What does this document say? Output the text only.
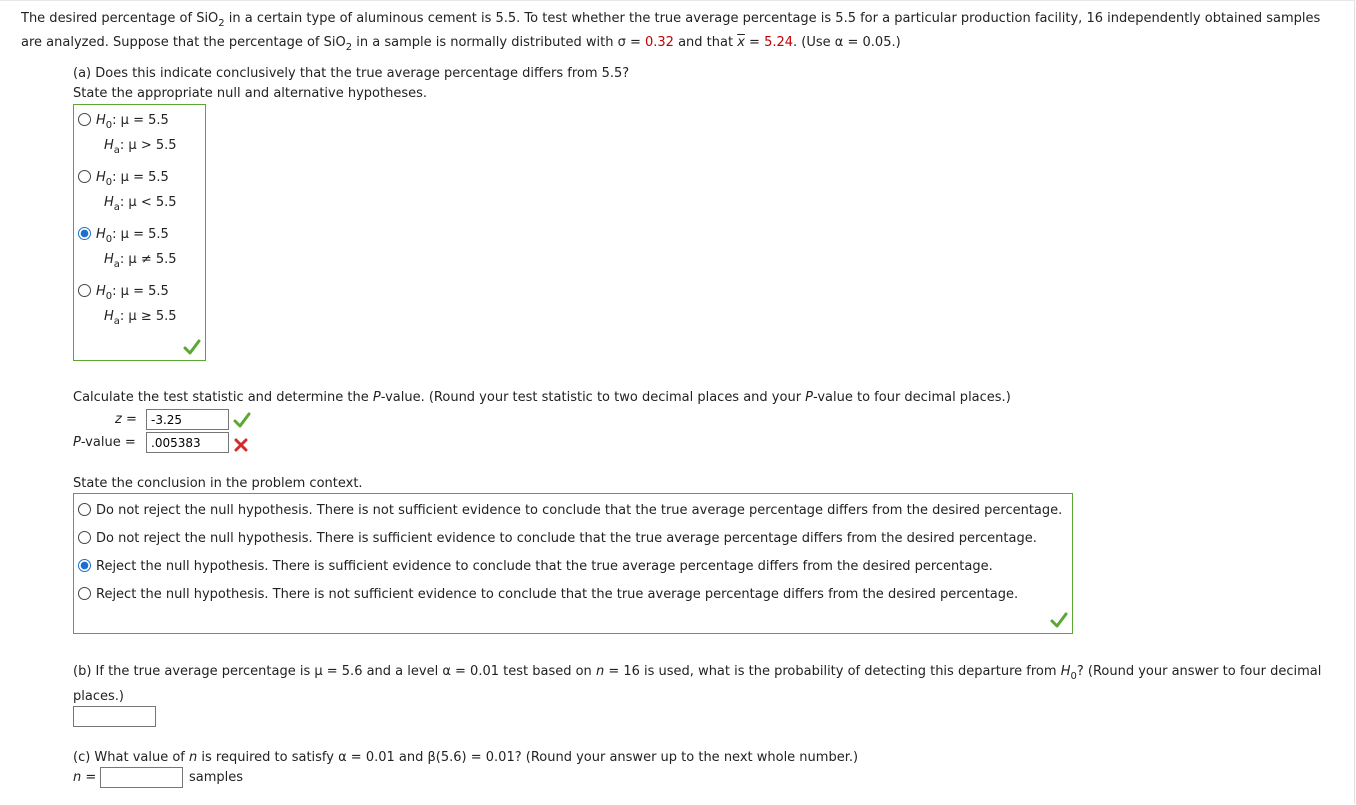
The desired percentage of SiO$_2$ in a certain type of aluminous cement is 5.5. To test whether the true average percentage is 5.5 for a particular production facility, 16 independently obtained samples
are analyzed. Suppose that the percentage of SiO$_2$ in a sample is normally distributed with σ = 0.32 and that $\overline{x} = 5.24$. (Use α = 0.05.)
(a) Does this indicate conclusively that the true average percentage differs from 5.5?
State the appropriate null and alternative hypotheses.
$H_0$: μ = 5.5
$H_a$: μ > 5.5
$H_0$: μ = 5.5
$H_a$: μ < 5.5
$H_0$: μ = 5.5
$H_a$: μ ≠ 5.5
$H_0$: μ = 5.5
$H_a$: μ ≥ 5.5
Calculate the test statistic and determine the P-value. (Round your test statistic to two decimal places and your P-value to four decimal places.)
z =
-3.25
P-value =
.005383
State the conclusion in the problem context.
Do not reject the null hypothesis. There is not sufficient evidence to conclude that the true average percentage differs from the desired percentage.
Do not reject the null hypothesis. There is sufficient evidence to conclude that the true average percentage differs from the desired percentage.
Reject the null hypothesis. There is sufficient evidence to conclude that the true average percentage differs from the desired percentage.
Reject the null hypothesis. There is not sufficient evidence to conclude that the true average percentage differs from the desired percentage.
(b) If the true average percentage is μ = 5.6 and a level α = 0.01 test based on n = 16 is used, what is the probability of detecting this departure from $H_0$? (Round your answer to four decimal
places.)
(c) What value of n is required to satisfy α = 0.01 and β(5.6) = 0.01? (Round your answer up to the next whole number.)
n =	samples
